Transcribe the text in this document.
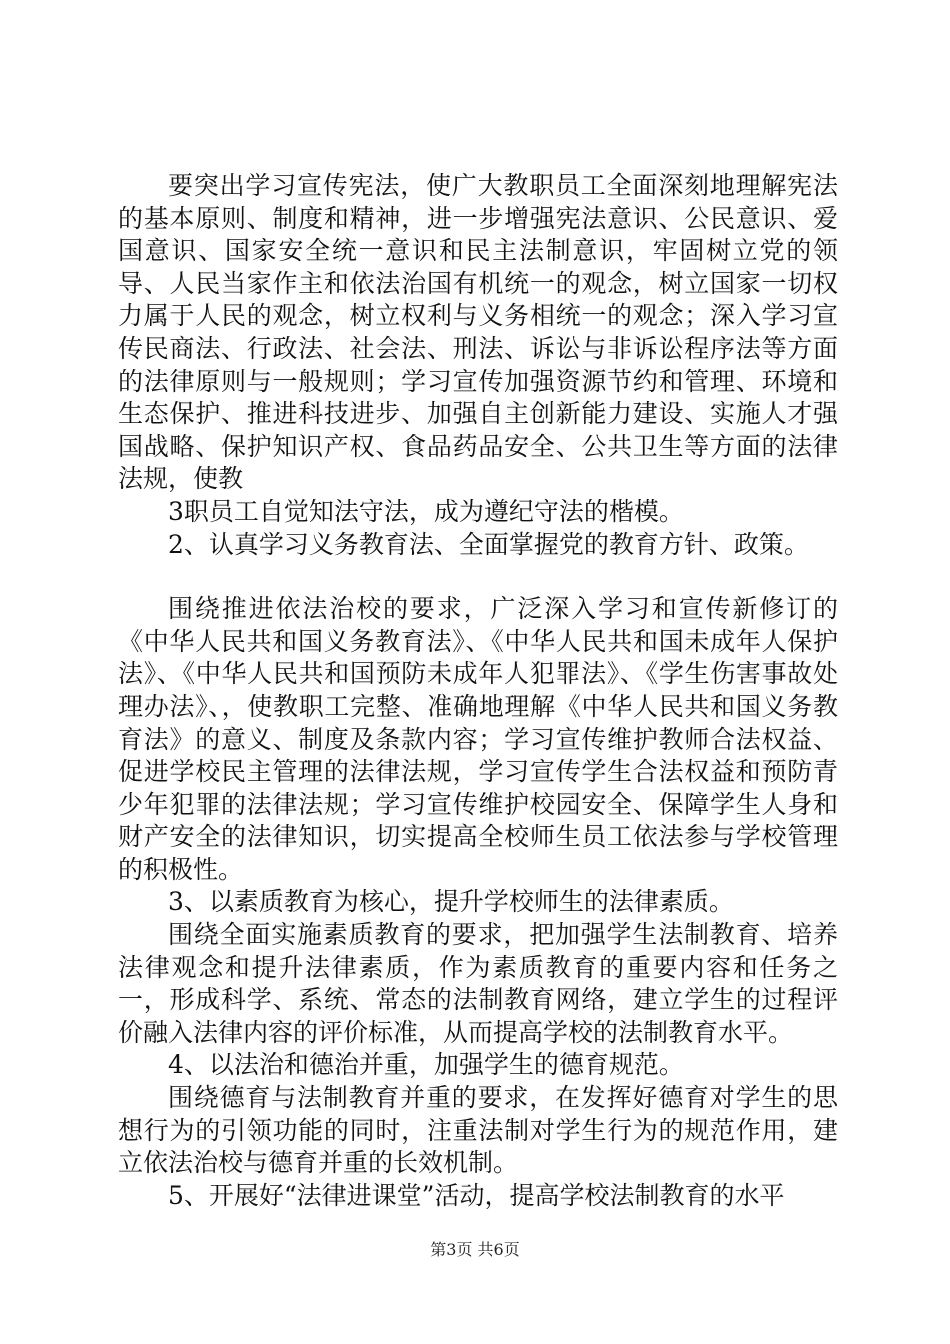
要突出学习宣传宪法，使广大教职员工全面深刻地理解宪法的基本原则、制度和精神，进一步增强宪法意识、公民意识、爱国意识、国家安全统一意识和民主法制意识，牢固树立党的领导、人民当家作主和依法治国有机统一的观念，树立国家一切权力属于人民的观念，树立权利与义务相统一的观念；深入学习宣传民商法、行政法、社会法、刑法、诉讼与非诉讼程序法等方面的法律原则与一般规则；学习宣传加强资源节约和管理、环境和生态保护、推进科技进步、加强自主创新能力建设、实施人才强国战略、保护知识产权、食品药品安全、公共卫生等方面的法律法规，使教

3职员工自觉知法守法，成为遵纪守法的楷模。

2、认真学习义务教育法、全面掌握党的教育方针、政策。

围绕推进依法治校的要求，广泛深入学习和宣传新修订的《中华人民共和国义务教育法》、《中华人民共和国未成年人保护法》、《中华人民共和国预防未成年人犯罪法》、《学生伤害事故处理办法》、，使教职工完整、准确地理解《中华人民共和国义务教育法》的意义、制度及条款内容；学习宣传维护教师合法权益、促进学校民主管理的法律法规，学习宣传学生合法权益和预防青少年犯罪的法律法规；学习宣传维护校园安全、保障学生人身和财产安全的法律知识，切实提高全校师生员工依法参与学校管理的积极性。

3、以素质教育为核心，提升学校师生的法律素质。

围绕全面实施素质教育的要求，把加强学生法制教育、培养法律观念和提升法律素质，作为素质教育的重要内容和任务之一，形成科学、系统、常态的法制教育网络，建立学生的过程评价融入法律内容的评价标准，从而提高学校的法制教育水平。

4、以法治和德治并重，加强学生的德育规范。

围绕德育与法制教育并重的要求，在发挥好德育对学生的思想行为的引领功能的同时，注重法制对学生行为的规范作用，建立依法治校与德育并重的长效机制。

5、开展好“法律进课堂”活动，提高学校法制教育的水平

第3页 共6页
